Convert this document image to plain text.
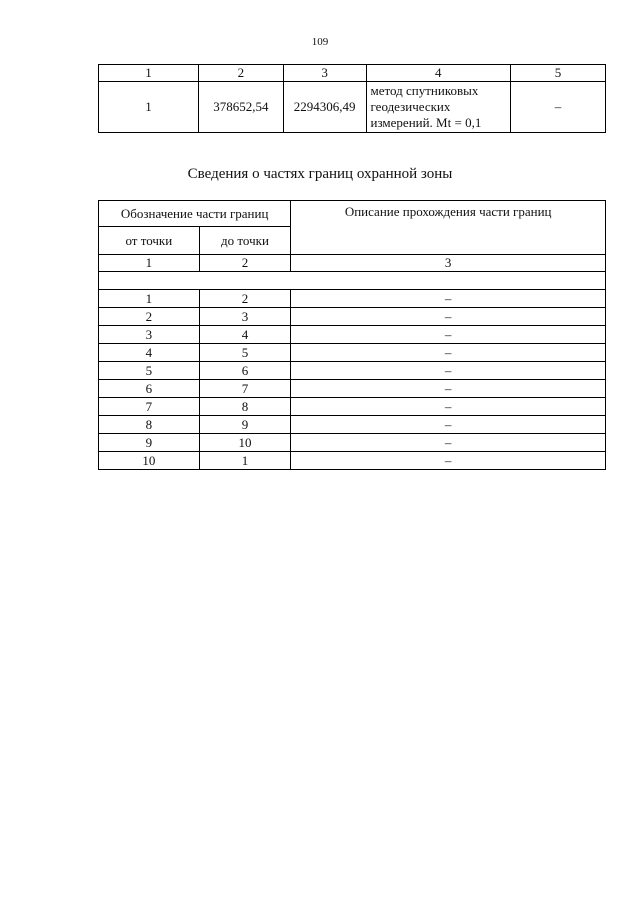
109
1	2	3	4	5
1	378652,54	2294306,49	метод спутниковых
геодезических
измерений. Mt = 0,1	–
Сведения о частях границ охранной зоны
Обозначение части границ		Описание прохождения части границ
от точки	до точки	
1	2	3

1	2	–
2	3	–
3	4	–
4	5	–
5	6	–
6	7	–
7	8	–
8	9	–
9	10	–
10	1	–
